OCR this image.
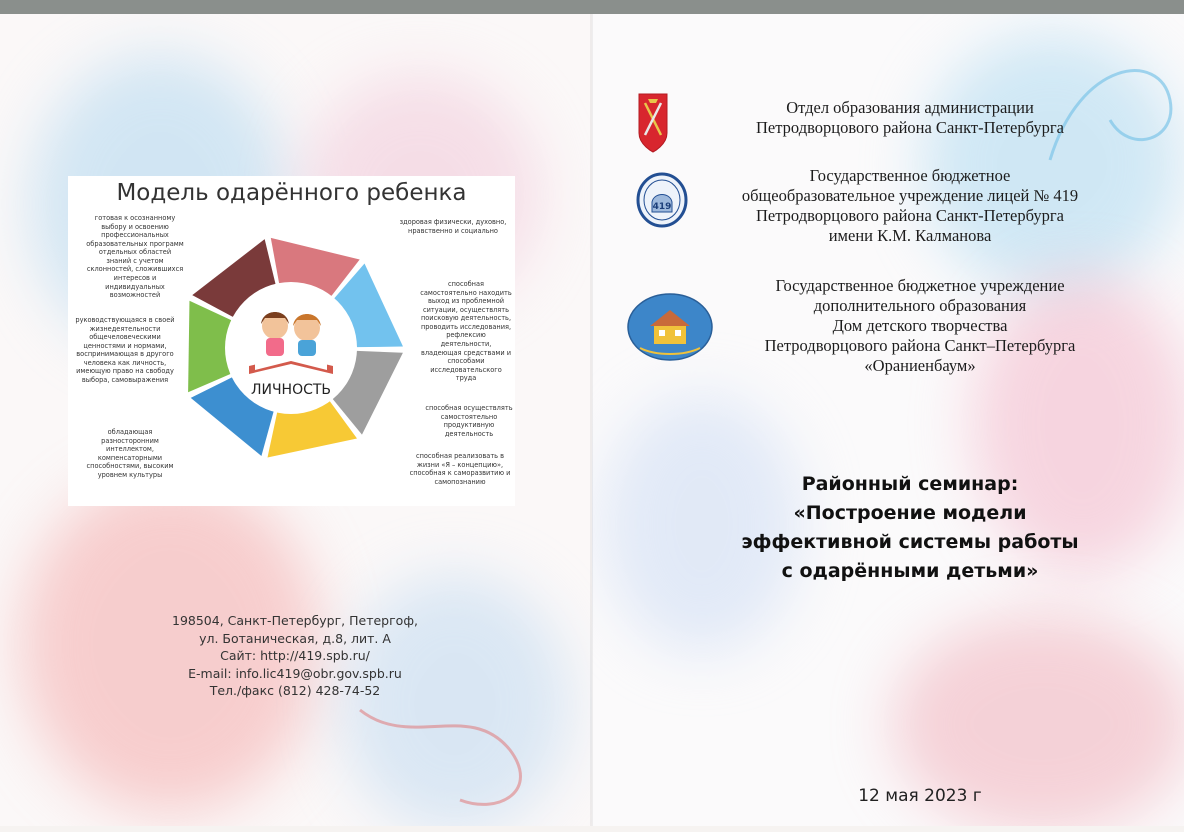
Модель одарённого ребенка
ЛИЧНОСТЬ
готовая к осознанному выбору и освоению профессиональных образовательных программ отдельных областей знаний с учетом склонностей, сложившихся интересов и индивидуальных возможностей
руководствующаяся в своей жизнедеятельности общечеловеческими ценностями и нормами, воспринимающая в другого человека как личность, имеющую право на свободу выбора, самовыражения
обладающая разносторонним интеллектом, компенсаторными способностями, высоким уровнем культуры
здоровая физически, духовно, нравственно и социально
способная самостоятельно находить выход из проблемной ситуации, осуществлять поисковую деятельность, проводить исследования, рефлексию деятельности, владеющая средствами и способами исследовательского труда
способная осуществлять самостоятельно продуктивную деятельность
способная реализовать в жизни «Я – концепцию», способная к саморазвитию и самопознанию
198504, Санкт-Петербург, Петергоф,
ул. Ботаническая, д.8, лит. А
Сайт: http://419.spb.ru/
E-mail: info.lic419@obr.gov.spb.ru
Тел./факс (812) 428-74-52
419
Отдел образования администрации
Петродворцового района Санкт-Петербурга
Государственное бюджетное
общеобразовательное учреждение лицей № 419
Петродворцового района Санкт-Петербурга
имени К.М. Калманова
Государственное бюджетное учреждение
дополнительного образования
Дом детского творчества
Петродворцового района Санкт–Петербурга
«Ораниенбаум»
Районный семинар:
«Построение модели
эффективной системы работы
с одарёнными детьми»
12 мая 2023 г
